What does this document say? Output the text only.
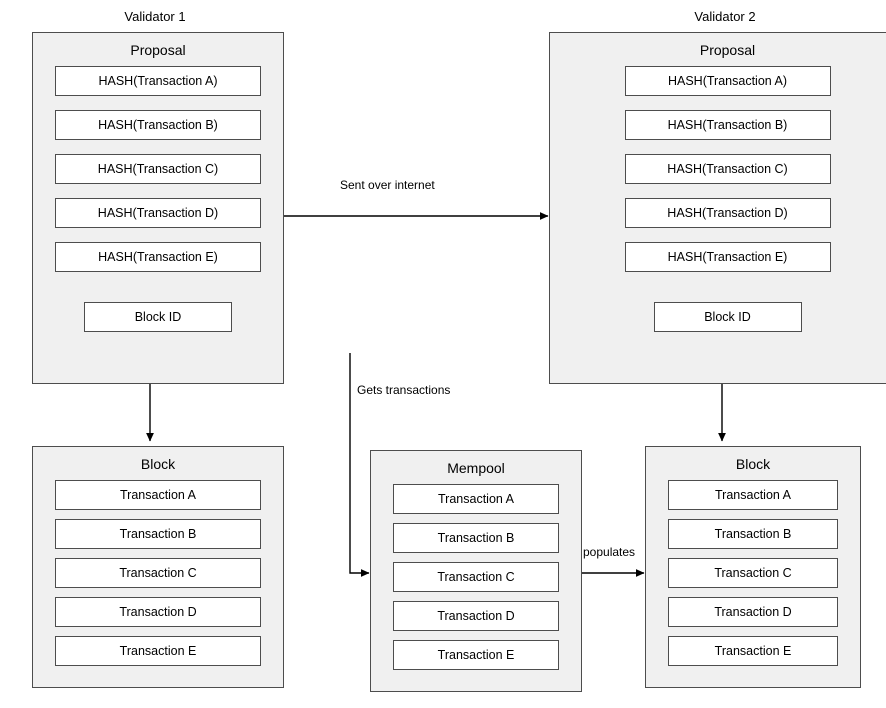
Validator 1	Validator 2
Proposal
HASH(Transaction A)
HASH(Transaction B)
HASH(Transaction C)
HASH(Transaction D)
HASH(Transaction E)
Block ID
Proposal
HASH(Transaction A)
HASH(Transaction B)
HASH(Transaction C)
HASH(Transaction D)
HASH(Transaction E)
Block ID
Block
Transaction A
Transaction B
Transaction C
Transaction D
Transaction E
Mempool
Transaction A
Transaction B
Transaction C
Transaction D
Transaction E
Block
Transaction A
Transaction B
Transaction C
Transaction D
Transaction E
Sent over internet
Gets transactions
populates
